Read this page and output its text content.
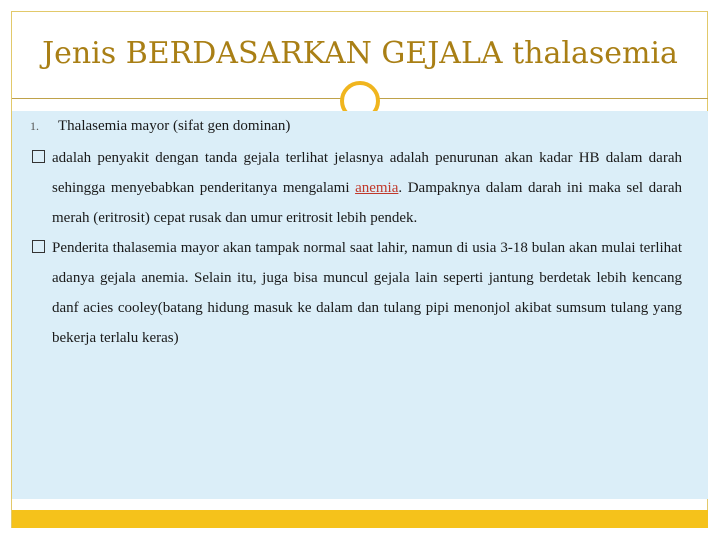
Jenis BERDASARKAN GEJALA thalasemia
1.	Thalasemia mayor (sifat gen dominan)

adalah penyakit dengan tanda gejala terlihat jelasnya adalah penurunan akan kadar HB dalam darah sehingga menyebabkan penderitanya mengalami anemia. Dampaknya dalam darah ini maka sel darah merah (eritrosit) cepat rusak dan umur eritrosit lebih pendek.

Penderita thalasemia mayor akan tampak normal saat lahir, namun di usia 3-18 bulan akan mulai terlihat adanya gejala anemia. Selain itu, juga bisa muncul gejala lain seperti jantung berdetak lebih kencang danf acies cooley(batang hidung masuk ke dalam dan tulang pipi menonjol akibat sumsum tulang yang bekerja terlalu keras)
